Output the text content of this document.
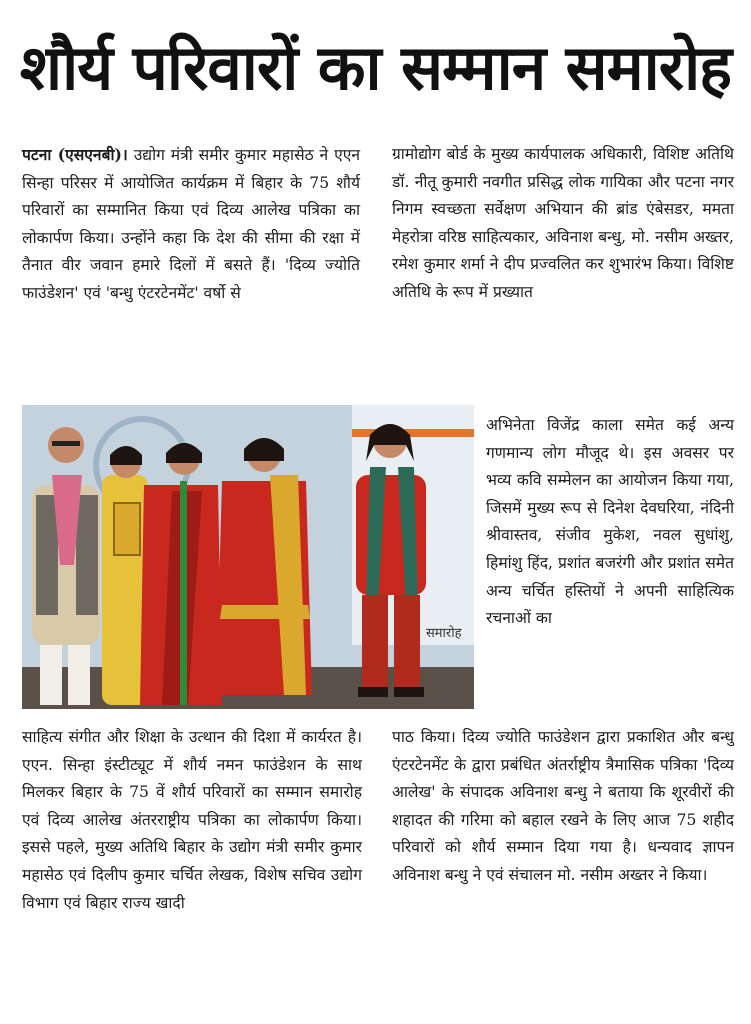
शौर्य परिवारों का सम्मान समारोह

पटना (एसएनबी)। उद्योग मंत्री समीर कुमार महासेठ ने एएन सिन्हा परिसर में आयोजित कार्यक्रम में बिहार के 75 शौर्य परिवारों का सम्मानित किया एवं दिव्य आलेख पत्रिका का लोकार्पण किया। उन्होंने कहा कि देश की सीमा की रक्षा में तैनात वीर जवान हमारे दिलों में बसते हैं। 'दिव्य ज्योति फाउंडेशन' एवं 'बन्धु एंटरटेनमेंट' वर्षो से

ग्रामोद्योग बोर्ड के मुख्य कार्यपालक अधिकारी, विशिष्ट अतिथि डॉ. नीतू कुमारी नवगीत प्रसिद्ध लोक गायिका और पटना नगर निगम स्वच्छता सर्वेक्षण अभियान की ब्रांड एंबेसडर, ममता मेहरोत्रा वरिष्ठ साहित्यकार, अविनाश बन्धु, मो. नसीम अख्तर, रमेश कुमार शर्मा ने दीप प्रज्वलित कर शुभारंभ किया। विशिष्ट अतिथि के रूप में प्रख्यात

समारोह

अभिनेता विजेंद्र काला समेत कई अन्य गणमान्य लोग मौजूद थे। इस अवसर पर भव्य कवि सम्मेलन का आयोजन किया गया, जिसमें मुख्य रूप से दिनेश देवघरिया, नंदिनी श्रीवास्तव, संजीव मुकेश, नवल सुधांशु, हिमांशु हिंद, प्रशांत बजरंगी और प्रशांत समेत अन्य चर्चित हस्तियों ने अपनी साहित्यिक रचनाओं का

साहित्य संगीत और शिक्षा के उत्थान की दिशा में कार्यरत है। एएन. सिन्हा इंस्टीट्यूट में शौर्य नमन फाउंडेशन के साथ मिलकर बिहार के 75 वें शौर्य परिवारों का सम्मान समारोह एवं दिव्य आलेख अंतरराष्ट्रीय पत्रिका का लोकार्पण किया। इससे पहले, मुख्य अतिथि बिहार के उद्योग मंत्री समीर कुमार महासेठ एवं दिलीप कुमार चर्चित लेखक, विशेष सचिव उद्योग विभाग एवं बिहार राज्य खादी

पाठ किया। दिव्य ज्योति फाउंडेशन द्वारा प्रकाशित और बन्धु एंटरटेनमेंट के द्वारा प्रबंधित अंतर्राष्ट्रीय त्रैमासिक पत्रिका 'दिव्य आलेख' के संपादक अविनाश बन्धु ने बताया कि शूरवीरों की शहादत की गरिमा को बहाल रखने के लिए आज 75 शहीद परिवारों को शौर्य सम्मान दिया गया है। धन्यवाद ज्ञापन अविनाश बन्धु ने एवं संचालन मो. नसीम अख्तर ने किया।
